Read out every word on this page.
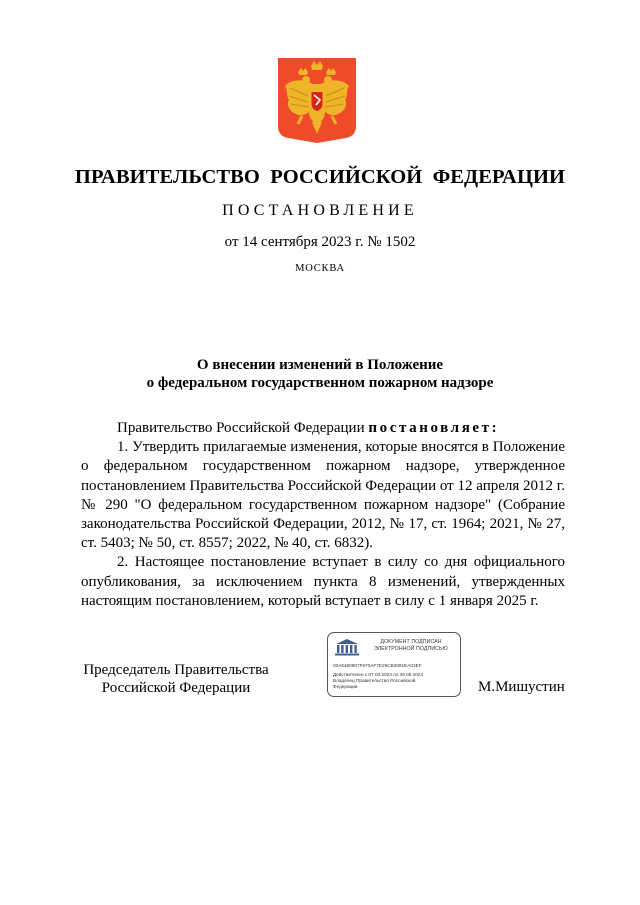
ПРАВИТЕЛЬСТВО РОССИЙСКОЙ ФЕДЕРАЦИИ
ПОСТАНОВЛЕНИЕ
от 14 сентября 2023 г. № 1502
МОСКВА
О внесении изменений в Положение
о федеральном государственном пожарном надзоре

Правительство Российской Федерации постановляет:

1. Утвердить прилагаемые изменения, которые вносятся в Положение о федеральном государственном пожарном надзоре, утвержденное постановлением Правительства Российской Федерации от 12 апреля 2012 г. № 290 "О федеральном государственном пожарном надзоре" (Собрание законодательства Российской Федерации, 2012, № 17, ст. 1964; 2021, № 27, ст. 5403; № 50, ст. 8557; 2022, № 40, ст. 6832).

2. Настоящее постановление вступает в силу со дня официального опубликования, за исключением пункта 8 изменений, утвержденных настоящим постановлением, который вступает в силу с 1 января 2025 г.

Председатель Правительства
Российской Федерации
ДОКУМЕНТ ПОДПИСАН
ЭЛЕКТРОННОЙ ПОДПИСЬЮ
00A6490807F670AF7E29CB2091EA03EF
Действителен с 07.03.2023 по 30.05.2024
Владелец Правительство Российской
Федерации	М.Мишустин
